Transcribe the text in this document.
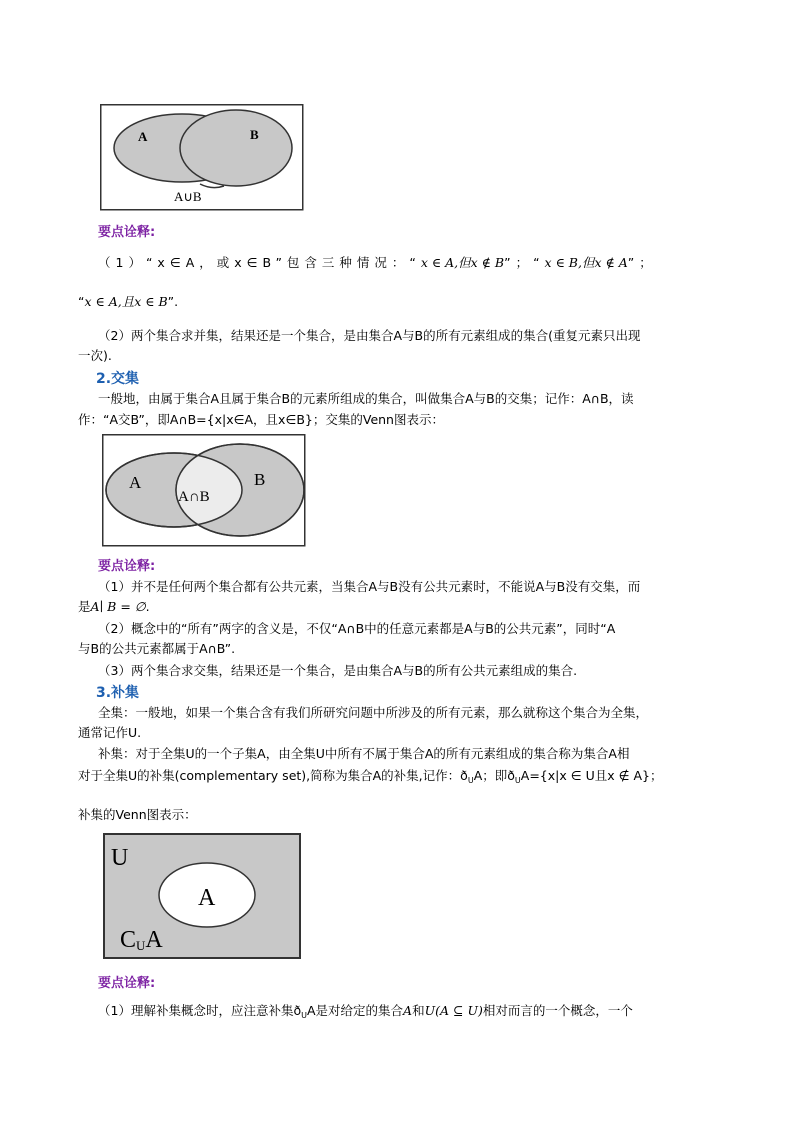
A	B
A∪B
要点诠释:
（1）“x∈A，或x∈B”包含三种情况：“x ∈ A,但x ∉ B”；“x ∈ B,但x ∉ A”；
“x ∈ A,且x ∈ B”.
（2）两个集合求并集，结果还是一个集合，是由集合A与B的所有元素组成的集合(重复元素只出现
一次).
2.交集
一般地，由属于集合A且属于集合B的元素所组成的集合，叫做集合A与B的交集；记作：A∩B，读
作：“A交B”，即A∩B={x|x∈A，且x∈B}；交集的Venn图表示：
A	B
A∩B
要点诠释:
（1）并不是任何两个集合都有公共元素，当集合A与B没有公共元素时，不能说A与B没有交集，而
是A∣ B = ∅.
（2）概念中的“所有”两字的含义是，不仅“A∩B中的任意元素都是A与B的公共元素”，同时“A
与B的公共元素都属于A∩B”.
（3）两个集合求交集，结果还是一个集合，是由集合A与B的所有公共元素组成的集合.
3.补集
全集：一般地，如果一个集合含有我们所研究问题中所涉及的所有元素，那么就称这个集合为全集，
通常记作U.
补集：对于全集U的一个子集A，由全集U中所有不属于集合A的所有元素组成的集合称为集合A相
对于全集U的补集(complementary set),简称为集合A的补集,记作：$ð_UA$；即$ð_UA=\{x|x$ ∈ U且x ∉ A}；
补集的Venn图表示：
U
A
CUA
要点诠释:
（1）理解补集概念时，应注意补集$ð_UA$是对给定的集合A和U(A ⊆ U)相对而言的一个概念，一个
